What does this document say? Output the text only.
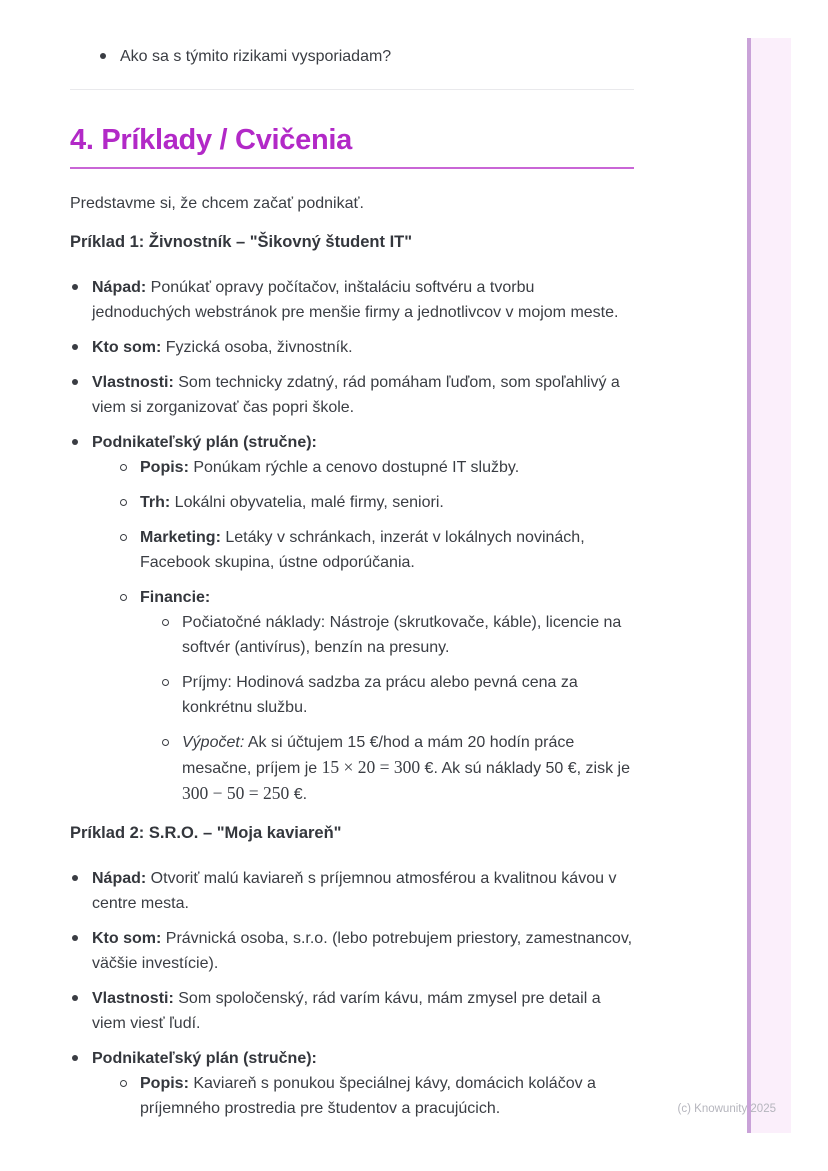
Ako sa s týmito rizikami vysporiadam?
4. Príklady / Cvičenia

Predstavme si, že chcem začať podnikať.

Príklad 1: Živnostník – "Šikovný študent IT"
Nápad: Ponúkať opravy počítačov, inštaláciu softvéru a tvorbu jednoduchých webstránok pre menšie firmy a jednotlivcov v mojom meste.
Kto som: Fyzická osoba, živnostník.
Vlastnosti: Som technicky zdatný, rád pomáham ľuďom, som spoľahlivý a viem si zorganizovať čas popri škole.
Podnikateľský plán (stručne):
Popis: Ponúkam rýchle a cenovo dostupné IT služby.
Trh: Lokálni obyvatelia, malé firmy, seniori.
Marketing: Letáky v schránkach, inzerát v lokálnych novinách, Facebook skupina, ústne odporúčania.
Financie:
Počiatočné náklady: Nástroje (skrutkovače, káble), licencie na softvér (antivírus), benzín na presuny.
Príjmy: Hodinová sadzba za prácu alebo pevná cena za konkrétnu službu.
Výpočet: Ak si účtujem 15 €/hod a mám 20 hodín práce mesačne, príjem je 15 × 20 = 300 €. Ak sú náklady 50 €, zisk je 300 − 50 = 250 €.
Príklad 2: S.R.O. – "Moja kaviareň"
Nápad: Otvoriť malú kaviareň s príjemnou atmosférou a kvalitnou kávou v centre mesta.
Kto som: Právnická osoba, s.r.o. (lebo potrebujem priestory, zamestnancov, väčšie investície).
Vlastnosti: Som spoločenský, rád varím kávu, mám zmysel pre detail a viem viesť ľudí.
Podnikateľský plán (stručne):
Popis: Kaviareň s ponukou špeciálnej kávy, domácich koláčov a príjemného prostredia pre študentov a pracujúcich.	(c) Knowunity 2025
